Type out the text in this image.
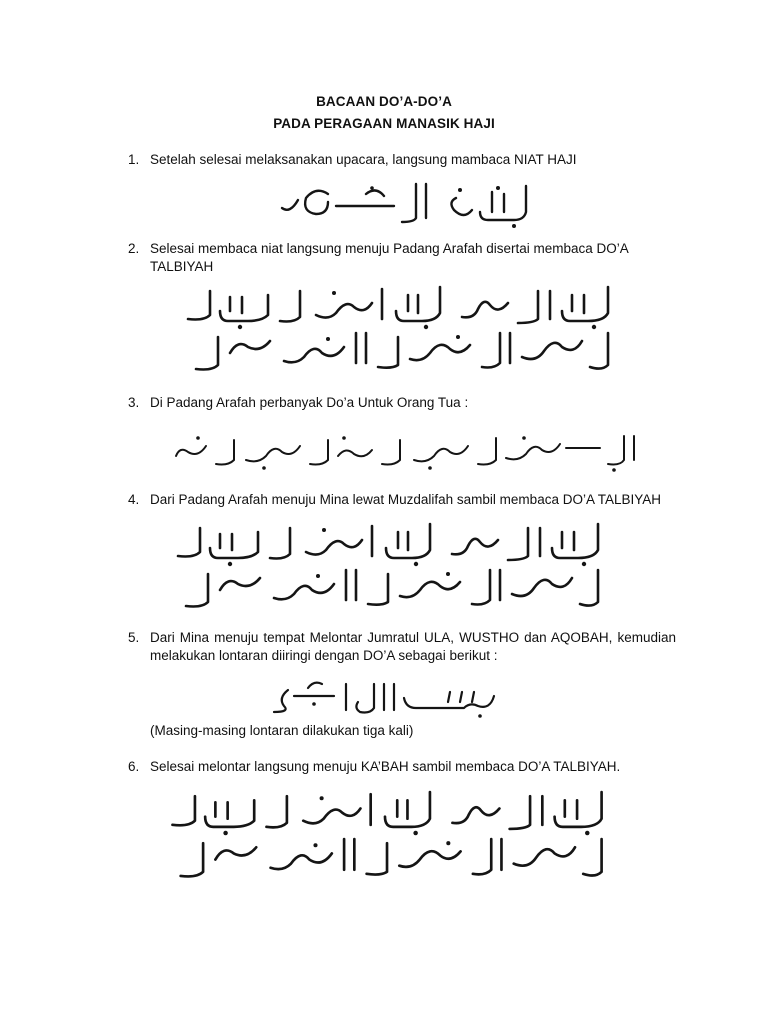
BACAAN DO’A-DO’A
PADA PERAGAAN MANASIK HAJI
1. Setelah selesai melaksanakan upacara, langsung mambaca NIAT HAJI
2. Selesai membaca niat langsung menuju Padang Arafah disertai membaca DO’A TALBIYAH
3. Di Padang Arafah perbanyak Do’a Untuk Orang Tua :
4. Dari Padang Arafah menuju Mina lewat Muzdalifah sambil membaca DO’A TALBIYAH
5. Dari Mina menuju tempat Melontar Jumratul ULA, WUSTHO dan AQOBAH, kemudian melakukan lontaran diiringi dengan DO’A sebagai berikut :
(Masing-masing lontaran dilakukan tiga kali)
6. Selesai melontar langsung menuju KA’BAH sambil membaca DO’A TALBIYAH.
